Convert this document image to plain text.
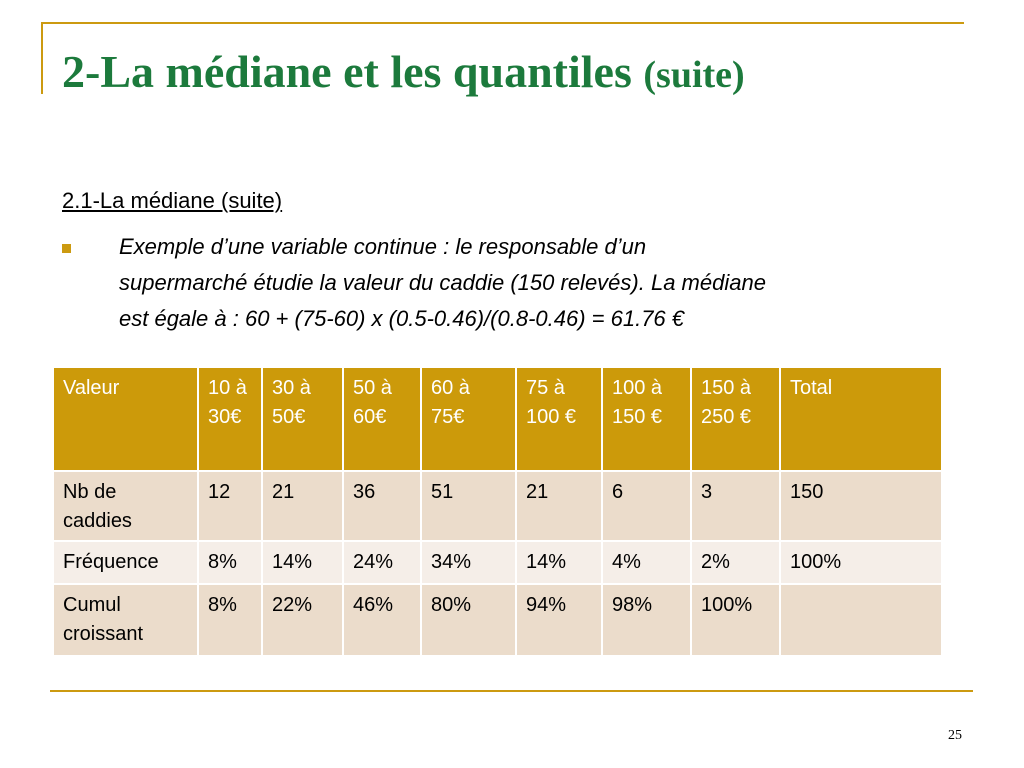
2-La médiane et les quantiles (suite)
2.1-La médiane (suite)
Exemple d’une variable continue : le responsable d’un
supermarché étudie la valeur du caddie (150 relevés). La médiane
est égale à : 60 + (75-60) x (0.5-0.46)/(0.8-0.46) = 61.76 €
Valeur	10 à 30€	30 à 50€	50 à 60€	60 à 75€	75 à 100 €	100 à 150 €	150 à 250 €	Total
Nb de caddies	12	21	36	51	21	6	3	150
Fréquence	8%	14%	24%	34%	14%	4%	2%	100%
Cumul croissant	8%	22%	46%	80%	94%	98%	100%	
25
